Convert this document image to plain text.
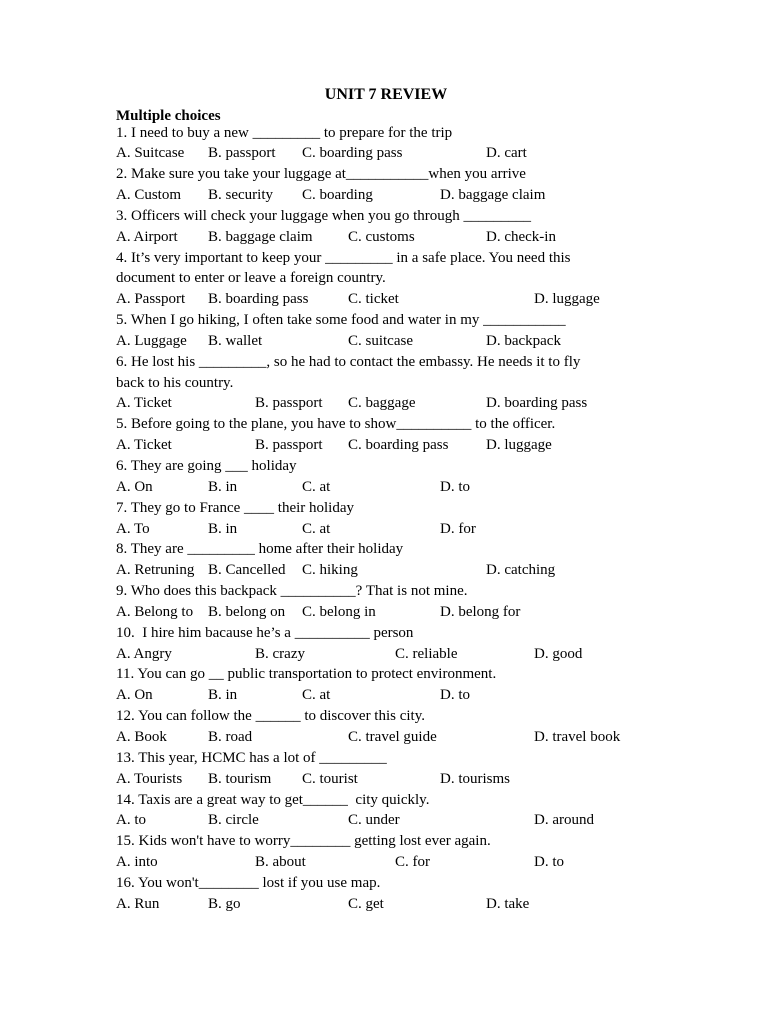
UNIT 7 REVIEW
Multiple choices
1. I need to buy a new _________ to prepare for the trip
A. Suitcase B. passport C. boarding pass	D. cart
2. Make sure you take your luggage at___________when you arrive
A. Custom B. security C. boarding	D. baggage claim
3. Officers will check your luggage when you go through _________
A. Airport B. baggage claim C. customs	D. check-in
4. It’s very important to keep your _________ in a safe place. You need this
document to enter or leave a foreign country.
A. Passport B. boarding pass	C. ticket	D. luggage
5. When I go hiking, I often take some food and water in my ___________
A. Luggage B. wallet	C. suitcase	D. backpack
6. He lost his _________, so he had to contact the embassy. He needs it to fly
back to his country.
A. Ticket	B. passport C. baggage	D. boarding pass
5. Before going to the plane, you have to show__________ to the officer.
A. Ticket	B. passport C. boarding pass	D. luggage
6. They are going ___ holiday
A. On	B. in	C. at	D. to
7. They go to France ____ their holiday
A. To	B. in	C. at	D. for
8. They are _________ home after their holiday
A. Retruning B. Cancelled C. hiking	D. catching
9. Who does this backpack __________? That is not mine.
A. Belong to B. belong on C. belong in	D. belong for
10.  I hire him bacause he’s a __________ person
A. Angry	B. crazy	C. reliable	D. good
11. You can go __ public transportation to protect environment.
A. On	B. in	C. at	D. to
12. You can follow the ______ to discover this city.
A. Book	B. road	C. travel guide	D. travel book
13. This year, HCMC has a lot of _________
A. Tourists B. tourism C. tourist	D. tourisms
14. Taxis are a great way to get______  city quickly.
A. to	B. circle	C. under	D. around
15. Kids won't have to worry________ getting lost ever again.
A. into	B. about	C. for	D. to
16. You won't________ lost if you use map.
A. Run	B. go	C. get	D. take
